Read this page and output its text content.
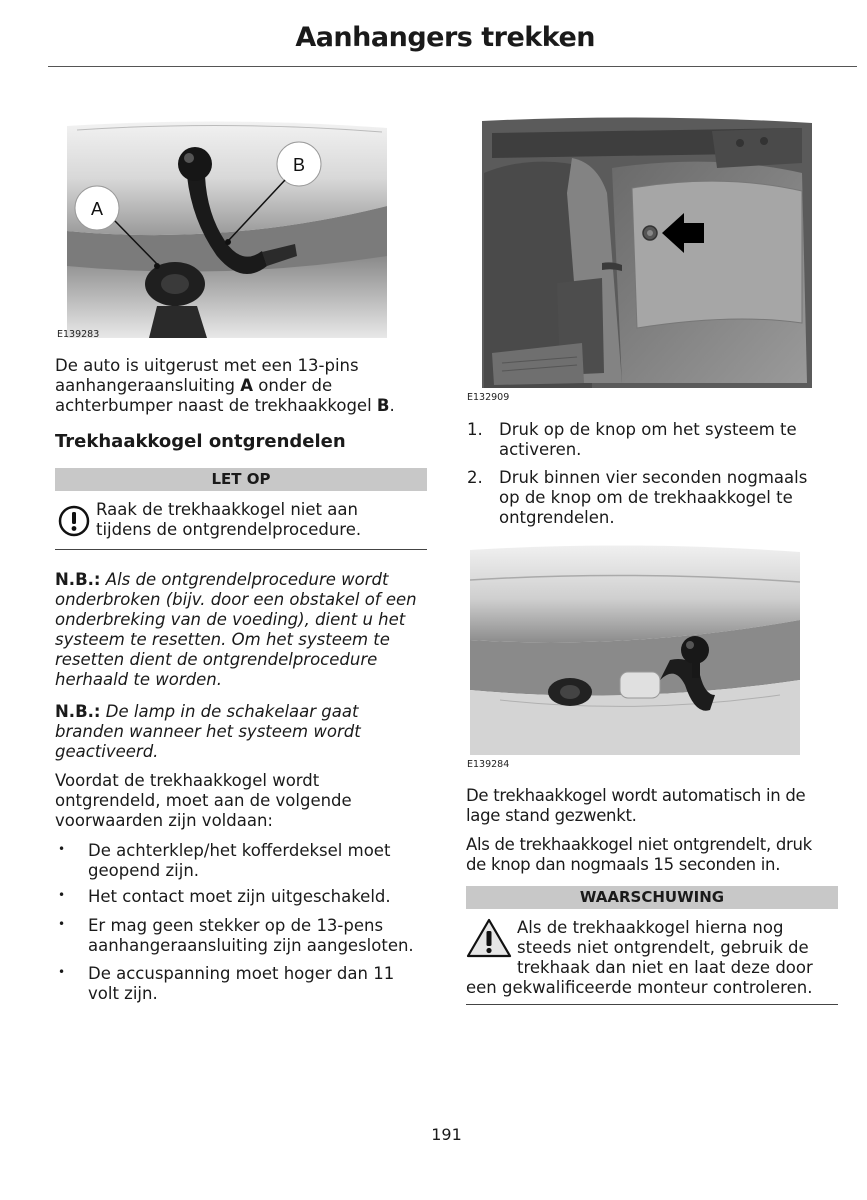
Aanhangers trekken
A
B
E139283
De auto is uitgerust met een 13-pins
aanhangeraansluiting A onder de
achterbumper naast de trekhaakkogel B.
Trekhaakkogel ontgrendelen
LET OP
Raak de trekhaakkogel niet aan
tijdens de ontgrendelprocedure.
N.B.: Als de ontgrendelprocedure wordt
onderbroken (bijv. door een obstakel of een
onderbreking van de voeding), dient u het
systeem te resetten. Om het systeem te
resetten dient de ontgrendelprocedure
herhaald te worden.
N.B.: De lamp in de schakelaar gaat
branden wanneer het systeem wordt
geactiveerd.
Voordat de trekhaakkogel wordt
ontgrendeld, moet aan de volgende
voorwaarden zijn voldaan:
• De achterklep/het kofferdeksel moet
geopend zijn.
• Het contact moet zijn uitgeschakeld.
• Er mag geen stekker op de 13-pens
aanhangeraansluiting zijn aangesloten.
• De accuspanning moet hoger dan 11
volt zijn.
E132909
1. Druk op de knop om het systeem te
activeren.
2. Druk binnen vier seconden nogmaals
op de knop om de trekhaakkogel te
ontgrendelen.
E139284
De trekhaakkogel wordt automatisch in de
lage stand gezwenkt.
Als de trekhaakkogel niet ontgrendelt, druk
de knop dan nogmaals 15 seconden in.
WAARSCHUWING
Als de trekhaakkogel hierna nog
steeds niet ontgrendelt, gebruik de
trekhaak dan niet en laat deze door
een gekwalificeerde monteur controleren.
191
